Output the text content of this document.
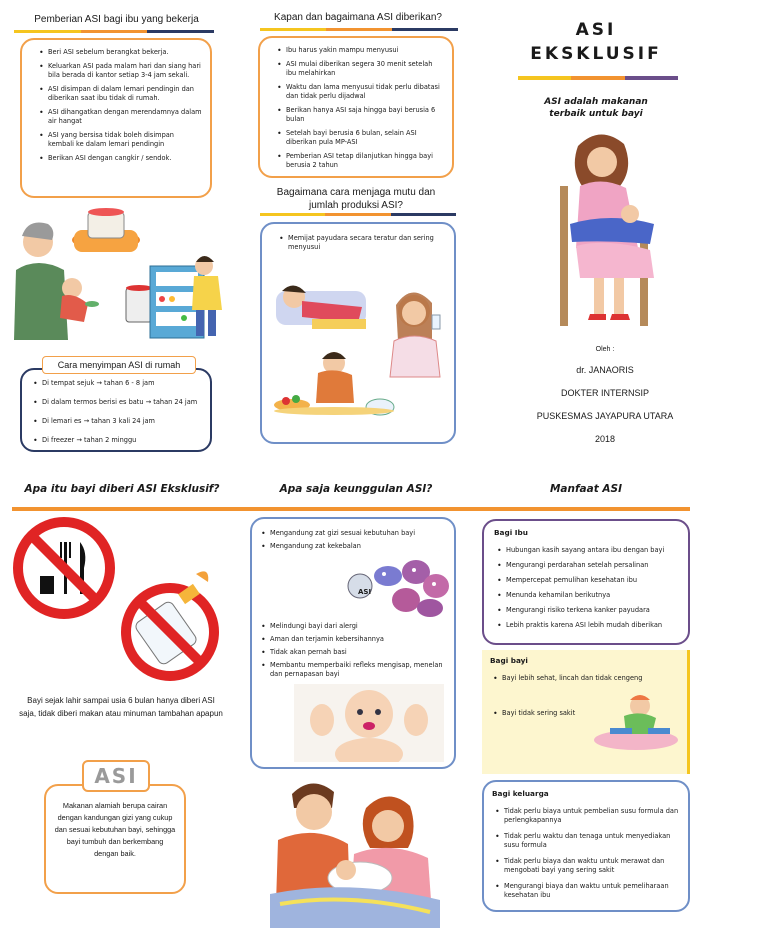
Pemberian ASI bagi ibu yang bekerja
• Beri ASI sebelum berangkat bekerja.
• Keluarkan ASI pada malam hari dan siang hari bila berada di kantor setiap 3-4 jam sekali.
• ASI disimpan di dalam lemari pendingin dan diberikan saat ibu tidak di rumah.
• ASI dihangatkan dengan merendamnya dalam air hangat
• ASI yang bersisa tidak boleh disimpan kembali ke dalam lemari pendingin
• Berikan ASI dengan cangkir / sendok.
• Di tempat sejuk → tahan 6 - 8 jam
• Di dalam termos berisi es batu → tahan 24 jam
• Di lemari es → tahan 3 kali 24 jam
• Di freezer → tahan 2 minggu
Cara menyimpan ASI di rumah
Kapan dan bagaimana ASI diberikan?
• Ibu harus yakin mampu menyusui
• ASI mulai diberikan segera 30 menit setelah ibu melahirkan
• Waktu dan lama menyusui tidak perlu dibatasi dan tidak perlu dijadwal
• Berikan hanya ASI saja hingga bayi berusia 6 bulan
• Setelah bayi berusia 6 bulan, selain ASI diberikan pula MP-ASI
• Pemberian ASI tetap dilanjutkan hingga bayi berusia 2 tahun
Bagaimana cara menjaga mutu dan jumlah produksi ASI?
• Memijat payudara secara teratur dan sering menyusui
ASI
EKSKLUSIF
ASI adalah makanan
terbaik untuk bayi
Oleh :
dr. JANAORIS
DOKTER INTERNSIP
PUSKESMAS JAYAPURA UTARA
2018
Apa itu bayi diberi ASI Eksklusif?	Apa saja keunggulan ASI?	Manfaat ASI
Bayi sejak lahir sampai usia 6 bulan hanya diberi ASI saja, tidak diberi makan atau minuman tambahan apapun
Makanan alamiah berupa cairan dengan kandungan gizi yang cukup dan sesuai kebutuhan bayi, sehingga bayi tumbuh dan berkembang dengan baik.
ASI
• Mengandung zat gizi sesuai kebutuhan bayi
• Mengandung zat kekebalan
• Melindungi bayi dari alergi
• Aman dan terjamin kebersihannya
• Tidak akan pernah basi
• Membantu memperbaiki refleks mengisap, menelan dan pernapasan bayi
ASI
Bagi Ibu
• Hubungan kasih sayang antara ibu dengan bayi
• Mengurangi perdarahan setelah persalinan
• Mempercepat pemulihan kesehatan ibu
• Menunda kehamilan berikutnya
• Mengurangi risiko terkena kanker payudara
• Lebih praktis karena ASI lebih mudah diberikan
Bagi bayi
• Bayi lebih sehat, lincah dan tidak cengeng
• Bayi tidak sering sakit
Bagi keluarga
• Tidak perlu biaya untuk pembelian susu formula dan perlengkapannya
• Tidak perlu waktu dan tenaga untuk menyediakan susu formula
• Tidak perlu biaya dan waktu untuk merawat dan mengobati bayi yang sering sakit
• Mengurangi biaya dan waktu untuk pemeliharaan kesehatan ibu
